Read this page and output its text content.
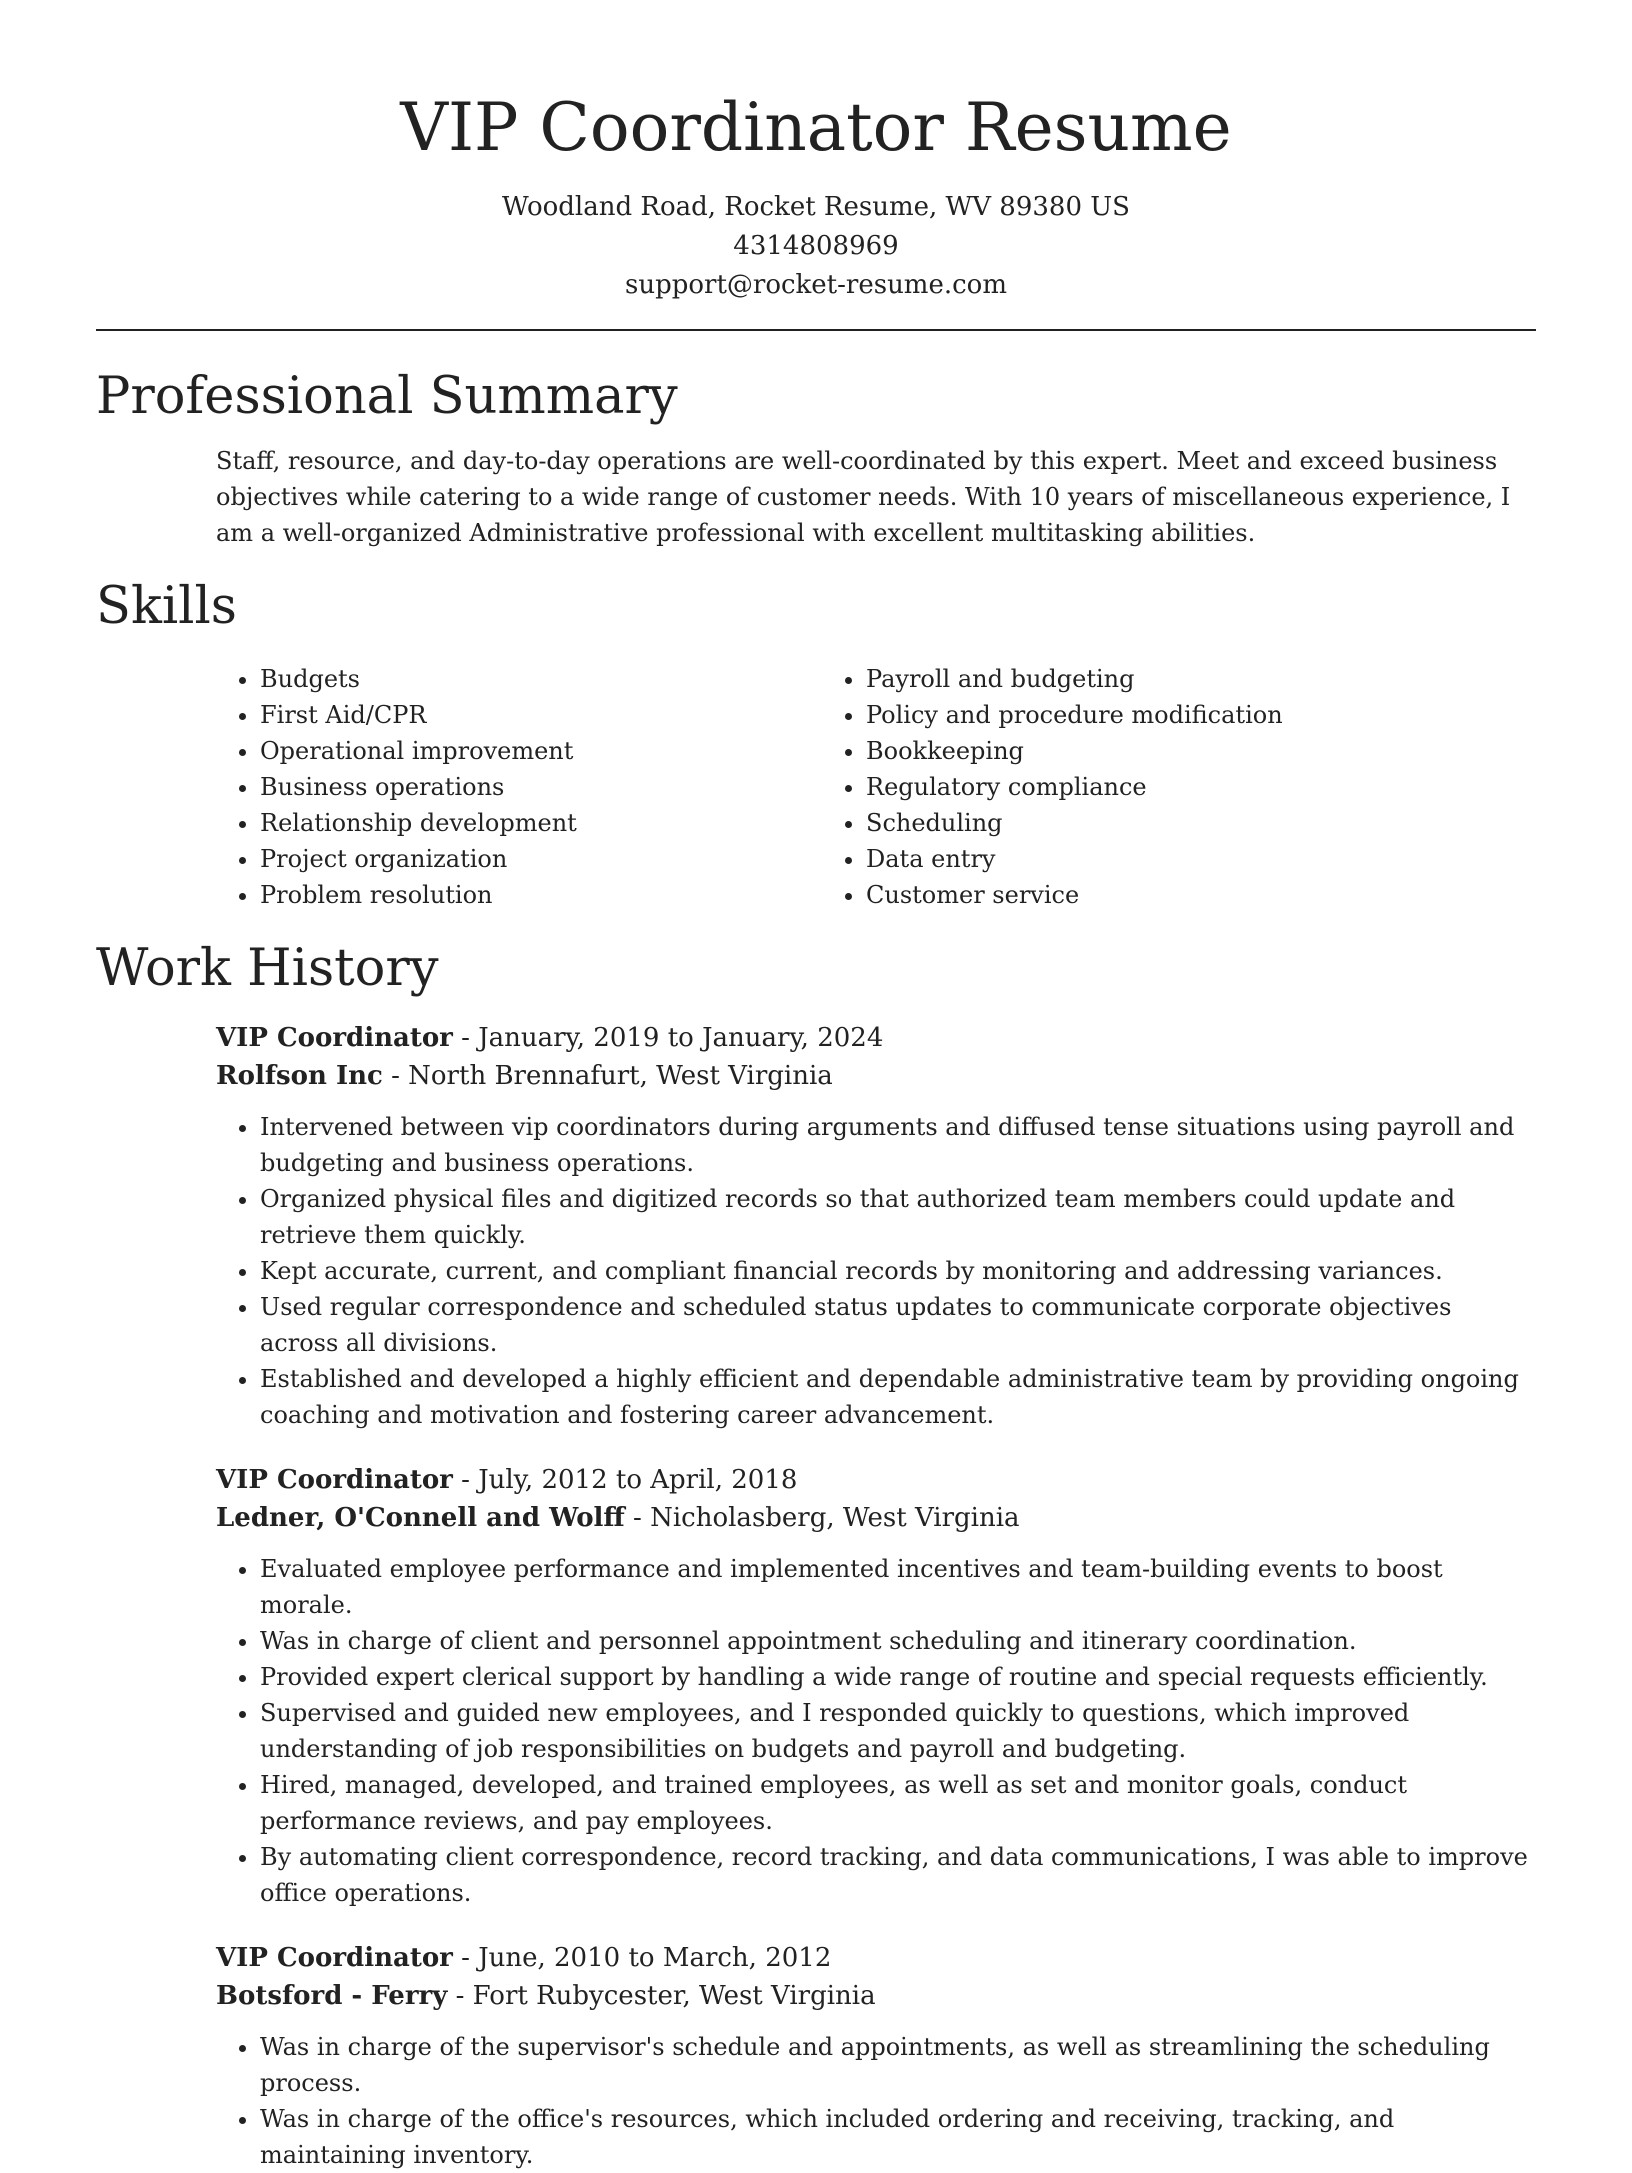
VIP Coordinator Resume

Woodland Road, Rocket Resume, WV 89380 US

4314808969

support@rocket-resume.com

Professional Summary

Staff, resource, and day-to-day operations are well-coordinated by this expert. Meet and exceed business objectives while catering to a wide range of customer needs. With 10 years of miscellaneous experience, I am a well-organized Administrative professional with excellent multitasking abilities.

Skills
• Budgets
• First Aid/CPR
• Operational improvement
• Business operations
• Relationship development
• Project organization
• Problem resolution
• Payroll and budgeting
• Policy and procedure modification
• Bookkeeping
• Regulatory compliance
• Scheduling
• Data entry
• Customer service
Work History

VIP Coordinator - January, 2019 to January, 2024

Rolfson Inc - North Brennafurt, West Virginia

• Intervened between vip coordinators during arguments and diffused tense situations using payroll and budgeting and business operations.
• Organized physical files and digitized records so that authorized team members could update and retrieve them quickly.
• Kept accurate, current, and compliant financial records by monitoring and addressing variances.
• Used regular correspondence and scheduled status updates to communicate corporate objectives across all divisions.
• Established and developed a highly efficient and dependable administrative team by providing ongoing coaching and motivation and fostering career advancement.

VIP Coordinator - July, 2012 to April, 2018

Ledner, O'Connell and Wolff - Nicholasberg, West Virginia

• Evaluated employee performance and implemented incentives and team-building events to boost morale.
• Was in charge of client and personnel appointment scheduling and itinerary coordination.
• Provided expert clerical support by handling a wide range of routine and special requests efficiently.
• Supervised and guided new employees, and I responded quickly to questions, which improved understanding of job responsibilities on budgets and payroll and budgeting.
• Hired, managed, developed, and trained employees, as well as set and monitor goals, conduct performance reviews, and pay employees.
• By automating client correspondence, record tracking, and data communications, I was able to improve office operations.

VIP Coordinator - June, 2010 to March, 2012

Botsford - Ferry - Fort Rubycester, West Virginia

• Was in charge of the supervisor's schedule and appointments, as well as streamlining the scheduling process.
• Was in charge of the office's resources, which included ordering and receiving, tracking, and maintaining inventory.
